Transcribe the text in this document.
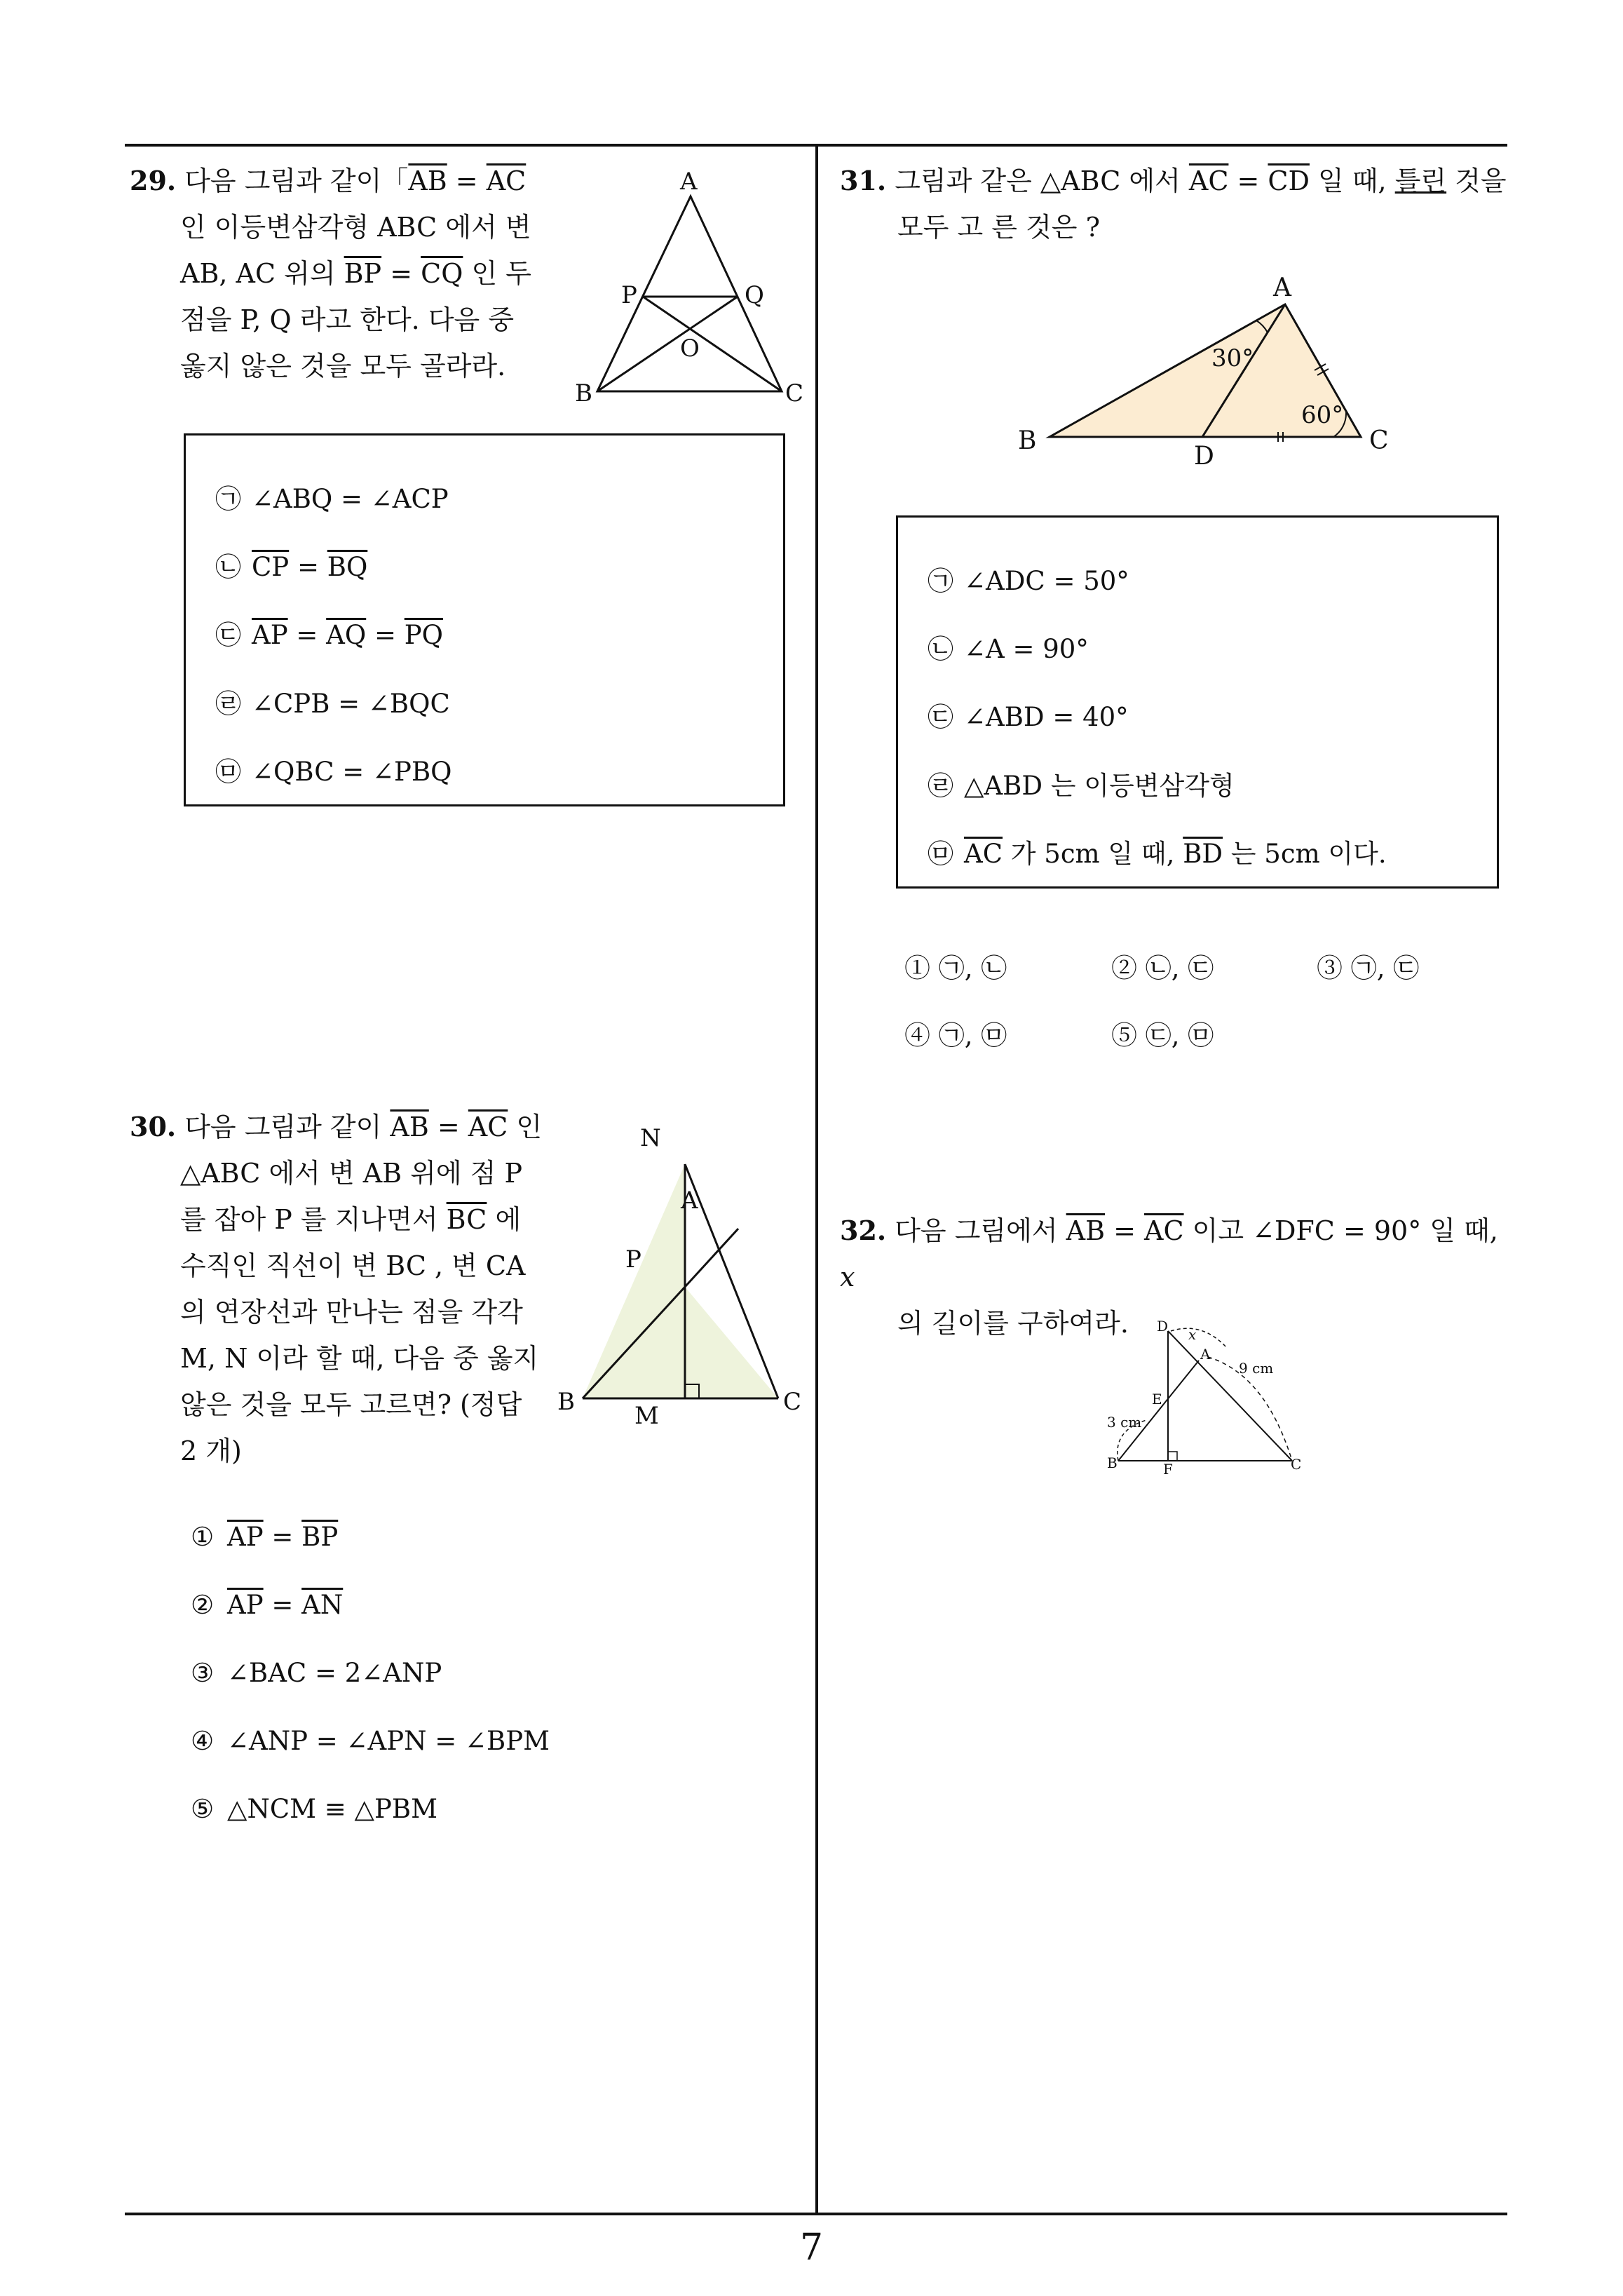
29. 다음 그림과 같이「$\overline{AB} = \overline{AC}$
인 이등변삼각형 ABC 에서 변
AB, AC 위의 $\overline{BP} = \overline{CQ}$ 인 두
점을 P, Q 라고 한다. 다음 중
옳지 않은 것을 모두 골라라.
A
P	Q
O
B	C
㉠ ∠ABQ = ∠ACP
㉡ $\overline{CP} = \overline{BQ}$
㉢ $\overline{AP} = \overline{AQ} = \overline{PQ}$
㉣ ∠CPB = ∠BQC
㉤ ∠QBC = ∠PBQ
30. 다음 그림과 같이 $\overline{AB} = \overline{AC}$ 인
△ABC 에서 변 AB 위에 점 P
를 잡아 P 를 지나면서 $\overline{BC}$ 에
수직인 직선이 변 BC , 변 CA
의 연장선과 만나는 점을 각각
M, N 이라 할 때, 다음 중 옳지
않은 것을 모두 고르면? (정답
2 개)
N
A
P
B	M	C
① $\overline{AP} = \overline{BP}$
② $\overline{AP} = \overline{AN}$
③ ∠BAC = 2∠ANP
④ ∠ANP = ∠APN = ∠BPM
⑤ △NCM ≡ △PBM
31. 그림과 같은 △ABC 에서 $\overline{AC} = \overline{CD}$ 일 때, 틀린 것을
모두 고 른 것은 ?
A
30°
60°
B
D
C
㉠ ∠ADC = 50°
㉡ ∠A = 90°
㉢ ∠ABD = 40°
㉣ △ABD 는 이등변삼각형
㉤ $\overline{AC}$ 가 5cm 일 때, $\overline{BD}$ 는 5cm 이다.
① ㉠, ㉡	② ㉡, ㉢	③ ㉠, ㉢
④ ㉠, ㉤	⑤ ㉢, ㉤
32. 다음 그림에서 $\overline{AB} = \overline{AC}$ 이고 ∠DFC = 90° 일 때, x
의 길이를 구하여라.	D x
A
9 cm
E
3 cm
B	F	C
7
